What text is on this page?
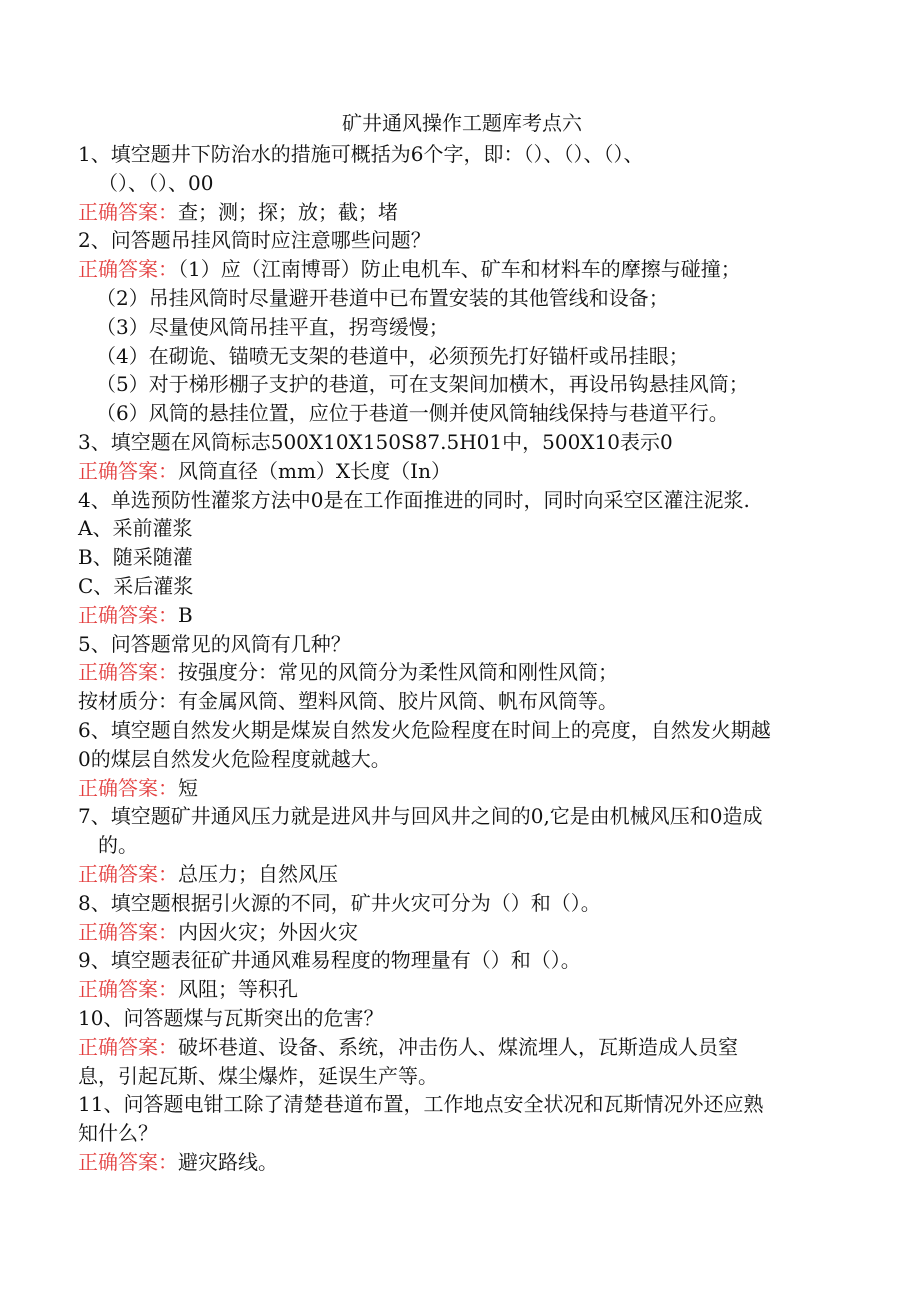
矿井通风操作工题库考点六
1、填空题井下防治水的措施可概括为6个字，即：（）、（）、（）、
（）、（）、00
正确答案：查；测；探；放；截；堵
2、问答题吊挂风筒时应注意哪些问题？
正确答案：（1）应（江南博哥）防止电机车、矿车和材料车的摩擦与碰撞；
（2）吊挂风筒时尽量避开巷道中已布置安装的其他管线和设备；
（3）尽量使风筒吊挂平直，拐弯缓慢；
（4）在砌诡、锚喷无支架的巷道中，必须预先打好锚杆或吊挂眼；
（5）对于梯形棚子支护的巷道，可在支架间加横木，再设吊钩悬挂风筒；
（6）风筒的悬挂位置，应位于巷道一侧并使风筒轴线保持与巷道平行。
3、填空题在风筒标志500X10X150S87.5H01中，500X10表示0
正确答案：风筒直径（mm）X长度（In）
4、单选预防性灌浆方法中0是在工作面推进的同时，同时向采空区灌注泥浆.
A、采前灌浆
B、随采随灌
C、采后灌浆
正确答案：B
5、问答题常见的风筒有几种？
正确答案：按强度分：常见的风筒分为柔性风筒和刚性风筒；
按材质分：有金属风筒、塑料风筒、胶片风筒、帆布风筒等。
6、填空题自然发火期是煤炭自然发火危险程度在时间上的亮度，自然发火期越
0的煤层自然发火危险程度就越大。
正确答案：短
7、填空题矿井通风压力就是进风井与回风井之间的0,它是由机械风压和0造成
的。
正确答案：总压力；自然风压
8、填空题根据引火源的不同，矿井火灾可分为（）和（）。
正确答案：内因火灾；外因火灾
9、填空题表征矿井通风难易程度的物理量有（）和（）。
正确答案：风阻；等积孔
10、问答题煤与瓦斯突出的危害？
正确答案：破坏巷道、设备、系统，冲击伤人、煤流埋人，瓦斯造成人员窒
息，引起瓦斯、煤尘爆炸，延误生产等。
11、问答题电钳工除了清楚巷道布置，工作地点安全状况和瓦斯情况外还应熟
知什么？
正确答案：避灾路线。
